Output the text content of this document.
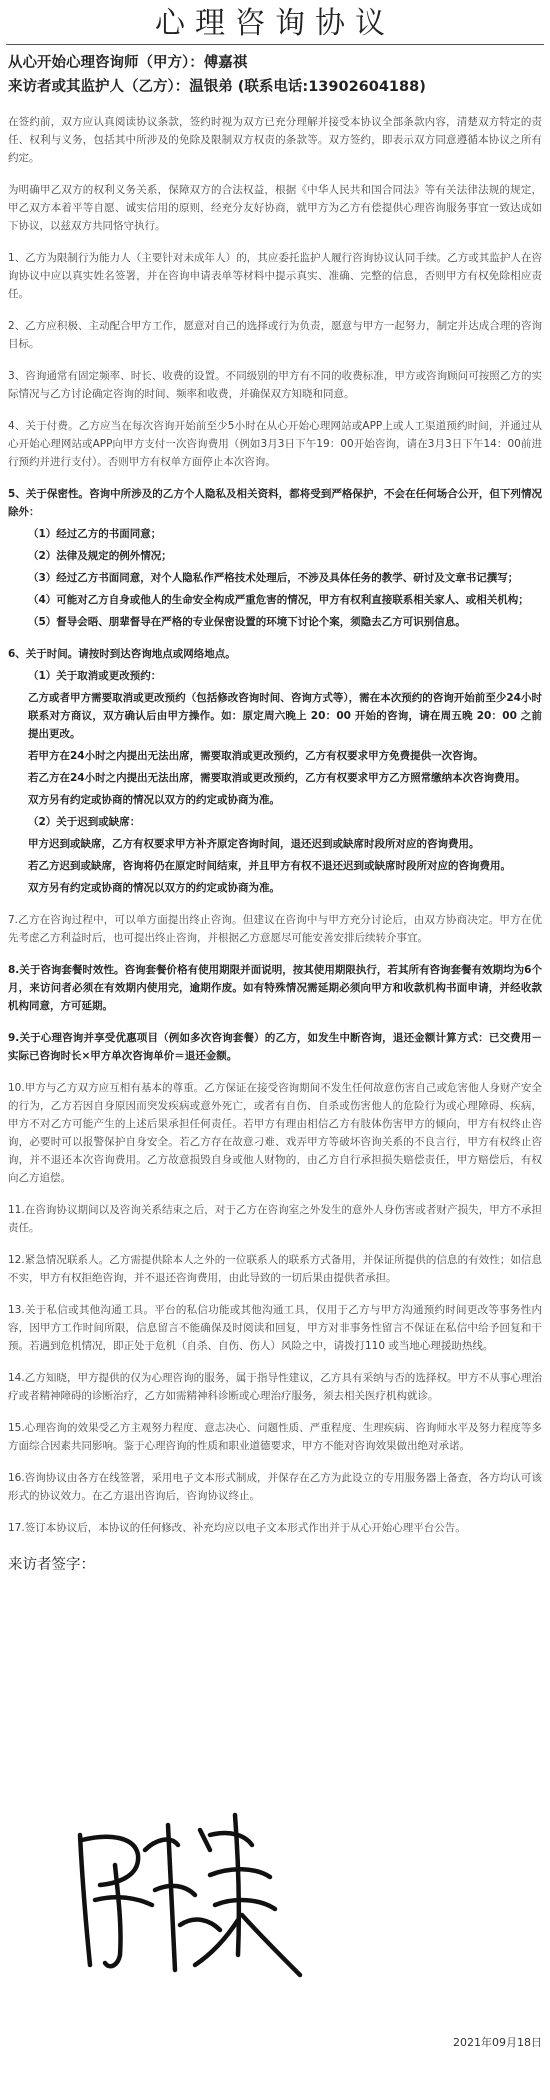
心理咨询协议
从心开始心理咨询师（甲方）：傅嘉祺
来访者或其监护人（乙方）：温银弟 (联系电话:13902604188)
在签约前，双方应认真阅读协议条款，签约时视为双方已充分理解并接受本协议全部条款内容，清楚双方特定的责任、权利与义务，包括其中所涉及的免除及限制双方权责的条款等。双方签约，即表示双方同意遵循本协议之所有约定。
为明确甲乙双方的权利义务关系，保障双方的合法权益，根据《中华人民共和国合同法》等有关法律法规的规定，甲乙双方本着平等自愿、诚实信用的原则，经充分友好协商，就甲方为乙方有偿提供心理咨询服务事宜一致达成如下协议，以兹双方共同恪守执行。
1、乙方为限制行为能力人（主要针对未成年人）的，其应委托监护人履行咨询协议认同手续。乙方或其监护人在咨询协议中应以真实姓名签署，并在咨询申请表单等材料中提示真实、准确、完整的信息，否则甲方有权免除相应责任。
2、乙方应积极、主动配合甲方工作，愿意对自己的选择或行为负责，愿意与甲方一起努力，制定并达成合理的咨询目标。
3、咨询通常有固定频率、时长、收费的设置。不同级别的甲方有不同的收费标准，甲方或咨询顾问可按照乙方的实际情况与乙方讨论确定咨询的时间、频率和收费，并确保双方知晓和同意。
4、关于付费。乙方应当在每次咨询开始前至少5小时在从心开始心理网站或APP上或人工渠道预约时间，并通过从心开始心理网站或APP向甲方支付一次咨询费用（例如3月3日下午19：00开始咨询，请在3月3日下午14：00前进行预约并进行支付）。否则甲方有权单方面停止本次咨询。
5、关于保密性。咨询中所涉及的乙方个人隐私及相关资料，都将受到严格保护，不会在任何场合公开，但下列情况除外：
（1）经过乙方的书面同意；
（2）法律及规定的例外情况；
（3）经过乙方书面同意，对个人隐私作严格技术处理后，不涉及具体任务的教学、研讨及文章书记撰写；
（4）可能对乙方自身或他人的生命安全构成严重危害的情况，甲方有权利直接联系相关家人、或相关机构；
（5）督导会晤、朋辈督导在严格的专业保密设置的环境下讨论个案，须隐去乙方可识别信息。
6、关于时间。请按时到达咨询地点或网络地点。
（1）关于取消或更改预约：
乙方或者甲方需要取消或更改预约（包括修改咨询时间、咨询方式等），需在本次预约的咨询开始前至少24小时联系对方商议，双方确认后由甲方操作。如：原定周六晚上 20：00 开始的咨询，请在周五晚 20：00 之前提出更改。
若甲方在24小时之内提出无法出席，需要取消或更改预约，乙方有权要求甲方免费提供一次咨询。
若乙方在24小时之内提出无法出席，需要取消或更改预约，乙方有权要求甲方乙方照常缴纳本次咨询费用。
双方另有约定或协商的情况以双方的约定或协商为准。
（2）关于迟到或缺席：
甲方迟到或缺席，乙方有权要求甲方补齐原定咨询时间，退还迟到或缺席时段所对应的咨询费用。
若乙方迟到或缺席，咨询将仍在原定时间结束，并且甲方有权不退还迟到或缺席时段所对应的咨询费用。
双方另有约定或协商的情况以双方的约定或协商为准。
7.乙方在咨询过程中，可以单方面提出终止咨询。但建议在咨询中与甲方充分讨论后，由双方协商决定。甲方在优先考虑乙方利益时后，也可提出终止咨询，并根据乙方意愿尽可能安善安排后续转介事宜。
8.关于咨询套餐时效性。咨询套餐价格有使用期限并面说明，按其使用期限执行，若其所有咨询套餐有效期均为6个月，来访问者必须在有效期内使用完，逾期作废。如有特殊情况需延期必须向甲方和收款机构书面申请，并经收款机构同意，方可延期。
9.关于心理咨询并享受优惠项目（例如多次咨询套餐）的乙方，如发生中断咨询，退还金额计算方式：已交费用－实际已咨询时长×甲方单次咨询单价＝退还金额。
10.甲方与乙方双方应互相有基本的尊重。乙方保证在接受咨询期间不发生任何故意伤害自己或危害他人身财产安全的行为，乙方若因自身原因而突发疾病或意外死亡，或者有自伤、自杀或伤害他人的危险行为或心理障碍、疾病，甲方不对乙方可能产生的上述后果承担任何责任。若甲方有理由相信乙方有肢体伤害甲方的倾向，甲方有权终止咨询，必要时可以报警保护自身安全。若乙方存在故意刁难、戏弄甲方等破坏咨询关系的不良言行，甲方有权终止咨询，并不退还本次咨询费用。乙方故意损毁自身或他人财物的，由乙方自行承担损失赔偿责任，甲方赔偿后，有权向乙方追偿。
11.在咨询协议期间以及咨询关系结束之后，对于乙方在咨询室之外发生的意外人身伤害或者财产损失，甲方不承担责任。
12.紧急情况联系人。乙方需提供除本人之外的一位联系人的联系方式备用，并保证所提供的信息的有效性；如信息不实，甲方有权拒绝咨询，并不退还咨询费用，由此导致的一切后果由提供者承担。
13.关于私信或其他沟通工具。平台的私信功能或其他沟通工具，仅用于乙方与甲方沟通预约时间更改等事务性内容，因甲方工作时间所限，信息留言不能确保及时阅读和回复，甲方对非事务性留言不保证在私信中给予回复和干预。若遇到危机情况，即正处于危机（自杀、自伤、伤人）风险之中，请拨打110 或当地心理援助热线。
14.乙方知晓，甲方提供的仅为心理咨询的服务，属于指导性建议，乙方具有采纳与否的选择权。甲方不从事心理治疗或者精神障碍的诊断治疗，乙方如需精神科诊断或心理治疗服务，须去相关医疗机构就诊。
15.心理咨询的效果受乙方主观努力程度、意志决心、问题性质、严重程度、生理疾病、咨询师水平及努力程度等多方面综合因素共同影响。鉴于心理咨询的性质和职业道德要求，甲方不能对咨询效果做出绝对承诺。
16.咨询协议由各方在线签署，采用电子文本形式制成，并保存在乙方为此设立的专用服务器上备查，各方均认可该形式的协议效力。在乙方退出咨询后，咨询协议终止。
17.签订本协议后，本协议的任何修改、补充均应以电子文本形式作出并于从心开始心理平台公告。
来访者签字：
2021年09月18日
